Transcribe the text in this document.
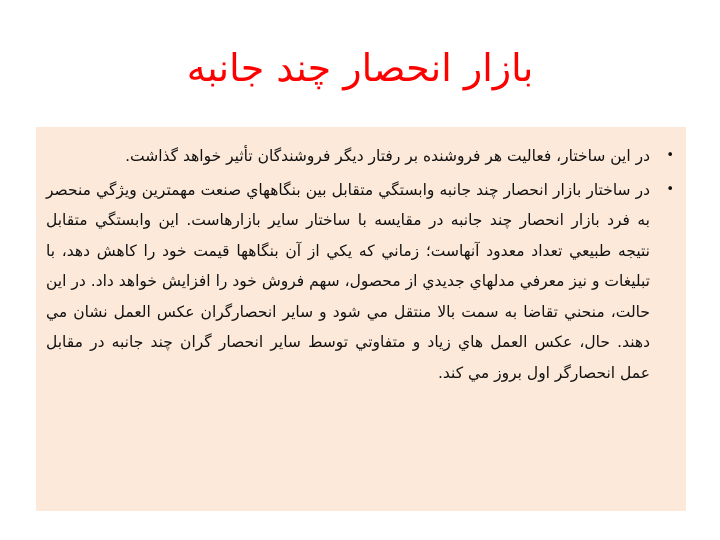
بازار انحصار چند جانبه
•
در اين ساختار، فعاليت هر فروشنده بر رفتار ديگر فروشندگان تأثير خواهد گذاشت.
•
در ساختار بازار انحصار چند جانبه وابستگي متقابل بين بنگاههاي صنعت مهمترين ويژگي منحصر به فرد بازار انحصار چند جانبه در مقايسه با ساختار ساير بازارهاست. اين وابستگي متقابل نتيجه طبيعي تعداد معدود آنهاست؛ زماني كه يكي از آن بنگاهها قيمت خود را كاهش دهد، با تبليغات و نيز معرفي مدلهاي جديدي از محصول، سهم فروش خود را افزايش خواهد داد. در اين حالت، منحني تقاضا به سمت بالا منتقل مي شود و ساير انحصارگران عكس العمل نشان مي دهند. حال، عكس العمل هاي زياد و متفاوتي توسط ساير انحصار گران چند جانبه در مقابل عمل انحصارگر اول بروز مي كند.
